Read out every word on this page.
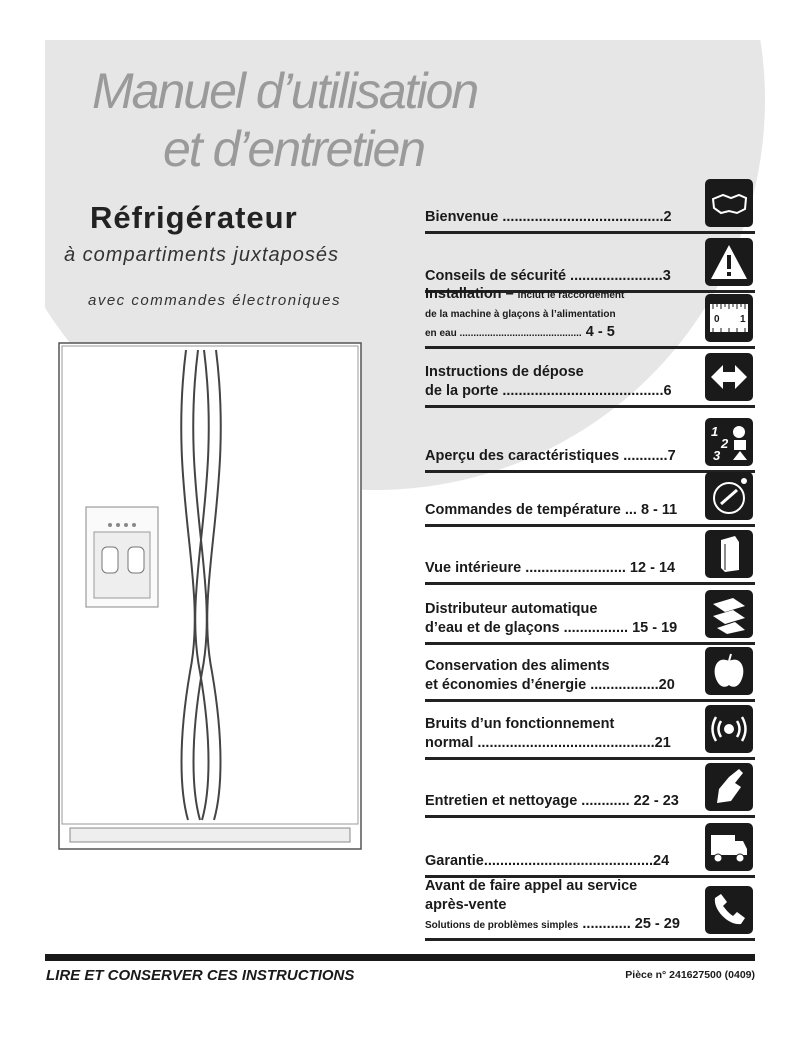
Manuel d’utilisation
et d’entretien
Réfrigérateur
à compartiments juxtaposés
avec commandes électroniques
Bienvenue ........................................2
Conseils de sécurité .......................3
Installation – inclut le raccordement
de la machine à glaçons à l’alimentation
en eau ............................................ 4 - 5
0 1
Instructions de dépose
de la porte ........................................6
Aperçu des caractéristiques ...........7
1
2
3
Commandes de température ... 8 - 11
Vue intérieure ......................... 12 - 14
Distributeur automatique
d’eau et de glaçons ................ 15 - 19
Conservation des aliments
et économies d’énergie .................20
Bruits d’un fonctionnement
normal ............................................21
Entretien et nettoyage ............ 22 - 23
Garantie..........................................24
Avant de faire appel au service
après-vente
Solutions de problèmes simples ............ 25 - 29
LIRE ET CONSERVER CES INSTRUCTIONS	Pièce n° 241627500 (0409)
